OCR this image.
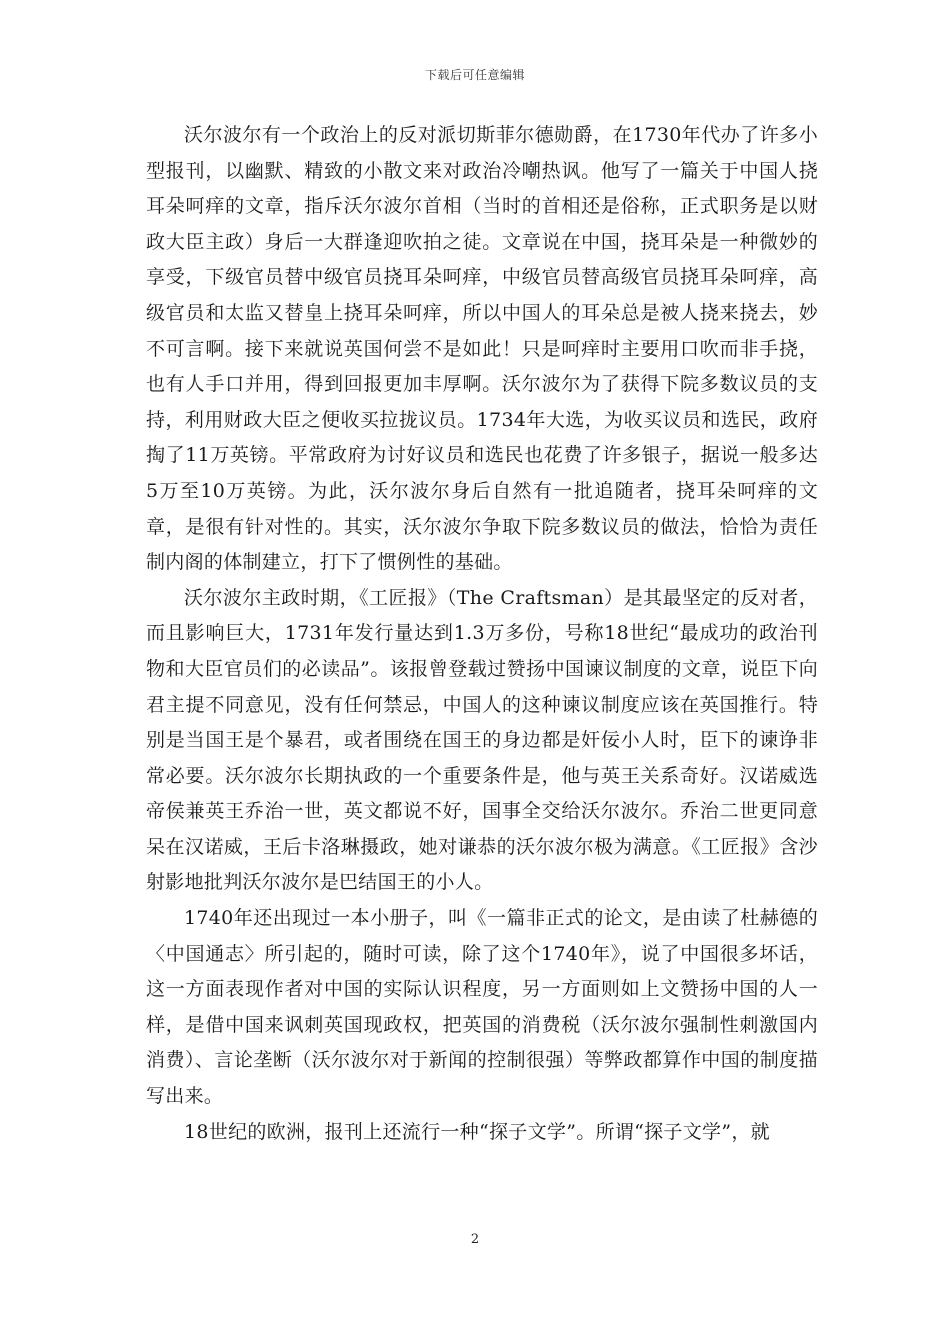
下载后可任意编辑

沃尔波尔有一个政治上的反对派切斯菲尔德勋爵，在1730年代办了许多小型报刊，以幽默、精致的小散文来对政治冷嘲热讽。他写了一篇关于中国人挠耳朵呵痒的文章，指斥沃尔波尔首相（当时的首相还是俗称，正式职务是以财政大臣主政）身后一大群逢迎吹拍之徒。文章说在中国，挠耳朵是一种微妙的享受，下级官员替中级官员挠耳朵呵痒，中级官员替高级官员挠耳朵呵痒，高级官员和太监又替皇上挠耳朵呵痒，所以中国人的耳朵总是被人挠来挠去，妙不可言啊。接下来就说英国何尝不是如此！只是呵痒时主要用口吹而非手挠，也有人手口并用，得到回报更加丰厚啊。沃尔波尔为了获得下院多数议员的支持，利用财政大臣之便收买拉拢议员。1734年大选，为收买议员和选民，政府掏了11万英镑。平常政府为讨好议员和选民也花费了许多银子，据说一般多达5万至10万英镑。为此，沃尔波尔身后自然有一批追随者，挠耳朵呵痒的文章，是很有针对性的。其实，沃尔波尔争取下院多数议员的做法，恰恰为责任制内阁的体制建立，打下了惯例性的基础。

沃尔波尔主政时期，《工匠报》（The Craftsman）是其最坚定的反对者，而且影响巨大，1731年发行量达到1.3万多份，号称18世纪“最成功的政治刊物和大臣官员们的必读品”。该报曾登载过赞扬中国谏议制度的文章，说臣下向君主提不同意见，没有任何禁忌，中国人的这种谏议制度应该在英国推行。特别是当国王是个暴君，或者围绕在国王的身边都是奸佞小人时，臣下的谏诤非常必要。沃尔波尔长期执政的一个重要条件是，他与英王关系奇好。汉诺威选帝侯兼英王乔治一世，英文都说不好，国事全交给沃尔波尔。乔治二世更同意呆在汉诺威，王后卡洛琳摄政，她对谦恭的沃尔波尔极为满意。《工匠报》含沙射影地批判沃尔波尔是巴结国王的小人。

1740年还出现过一本小册子，叫《一篇非正式的论文，是由读了杜赫德的〈中国通志〉所引起的，随时可读，除了这个1740年》，说了中国很多坏话，这一方面表现作者对中国的实际认识程度，另一方面则如上文赞扬中国的人一样，是借中国来讽刺英国现政权，把英国的消费税（沃尔波尔强制性刺激国内消费）、言论垄断（沃尔波尔对于新闻的控制很强）等弊政都算作中国的制度描写出来。

18世纪的欧洲，报刊上还流行一种“探子文学”。所谓“探子文学”，就

2
